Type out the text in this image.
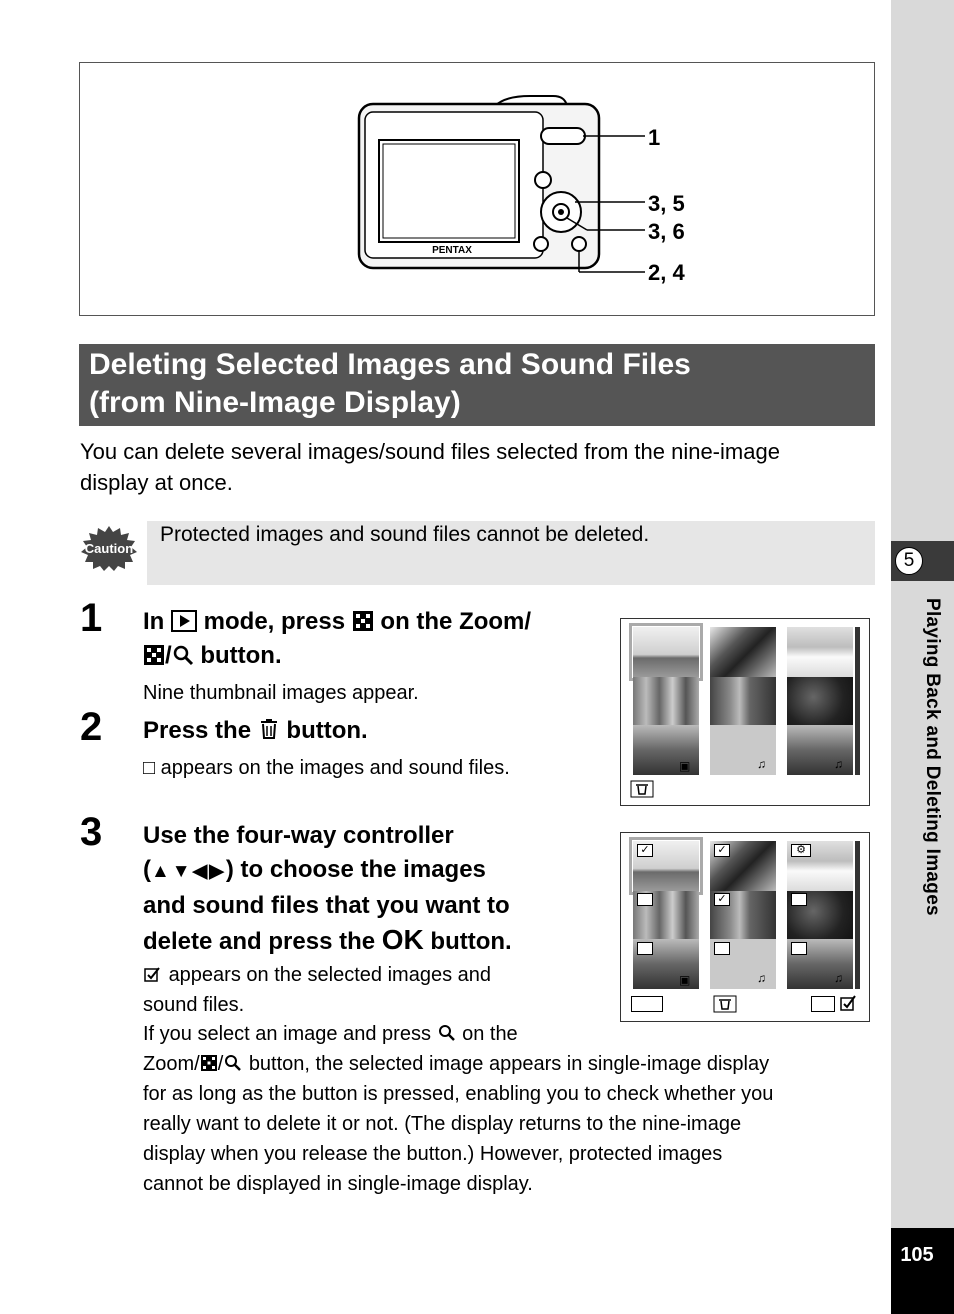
5
Playing Back and Deleting Images
105
PENTAX
1
3, 5
3, 6
2, 4
Deleting Selected Images and Sound Files
(from Nine-Image Display)
You can delete several images/sound files selected from the nine-image
display at once.
Caution
Protected images and sound files cannot be deleted.
1 In mode, press on the Zoom/
/ button.
Nine thumbnail images appear.
2 Press the button.
□ appears on the images and sound files.	▣	♫	♫
3 Use the four-way controller
(▲▼◀▶) to choose the images
and sound files that you want to
delete and press the OK button.
appears on the selected images and
sound files.
If you select an image and press on the
Zoom/ / button, the selected image appears in single-image display
for as long as the button is pressed, enabling you to check whether you
really want to delete it or not. (The display returns to the nine-image
display when you release the button.) However, protected images
cannot be displayed in single-image display.
✓	✓	⚙
✓
▣	♫	♫
